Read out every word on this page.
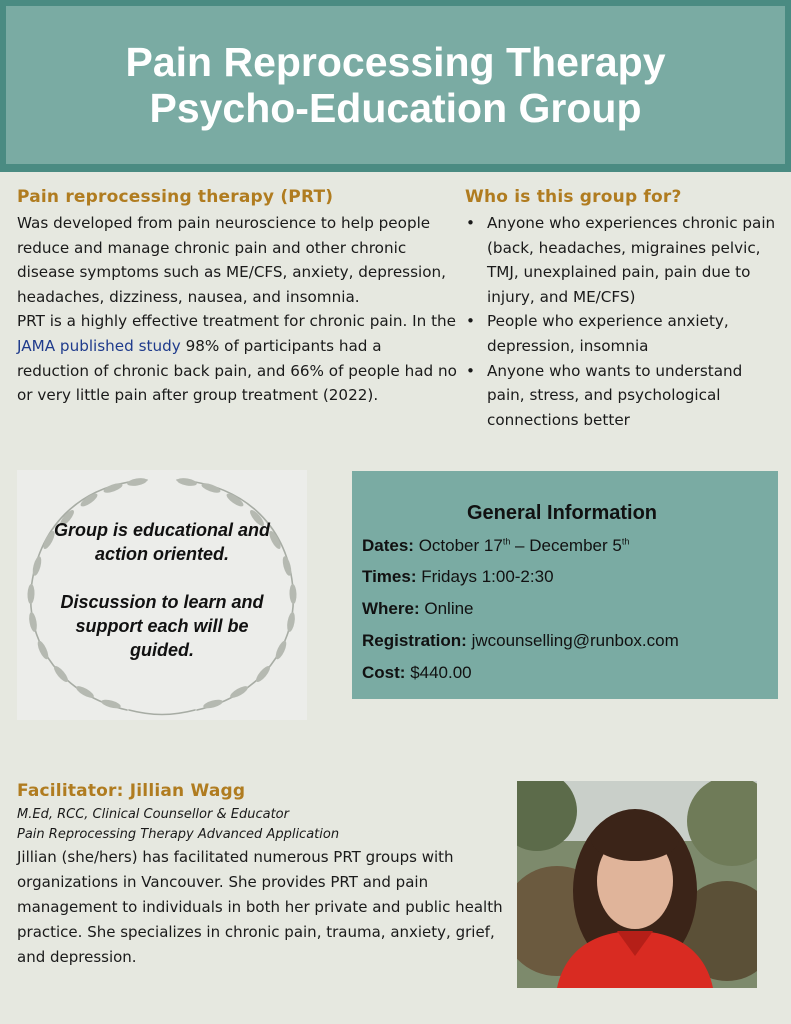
Pain Reprocessing Therapy
Psycho-Education Group
Pain reprocessing therapy (PRT)
Was developed from pain neuroscience to help people reduce and manage chronic pain and other chronic disease symptoms such as ME/CFS, anxiety, depression, headaches, dizziness, nausea, and insomnia.
PRT is a highly effective treatment for chronic pain. In the JAMA published study 98% of participants had a reduction of chronic back pain, and 66% of people had no or very little pain after group treatment (2022).
Who is this group for?
• Anyone who experiences chronic pain (back, headaches, migraines pelvic, TMJ, unexplained pain, pain due to injury, and ME/CFS)
• People who experience anxiety, depression, insomnia
• Anyone who wants to understand pain, stress, and psychological connections better
Group is educational and action oriented.
Discussion to learn and support each will be guided.
General Information
Dates: October 17th – December 5th
Times: Fridays 1:00-2:30
Where: Online
Registration: jwcounselling@runbox.com
Cost: $440.00
Facilitator: Jillian Wagg
M.Ed, RCC, Clinical Counsellor & Educator
Pain Reprocessing Therapy Advanced Application
Jillian (she/hers) has facilitated numerous PRT groups with organizations in Vancouver. She provides PRT and pain management to individuals in both her private and public health practice. She specializes in chronic pain, trauma, anxiety, grief, and depression.
